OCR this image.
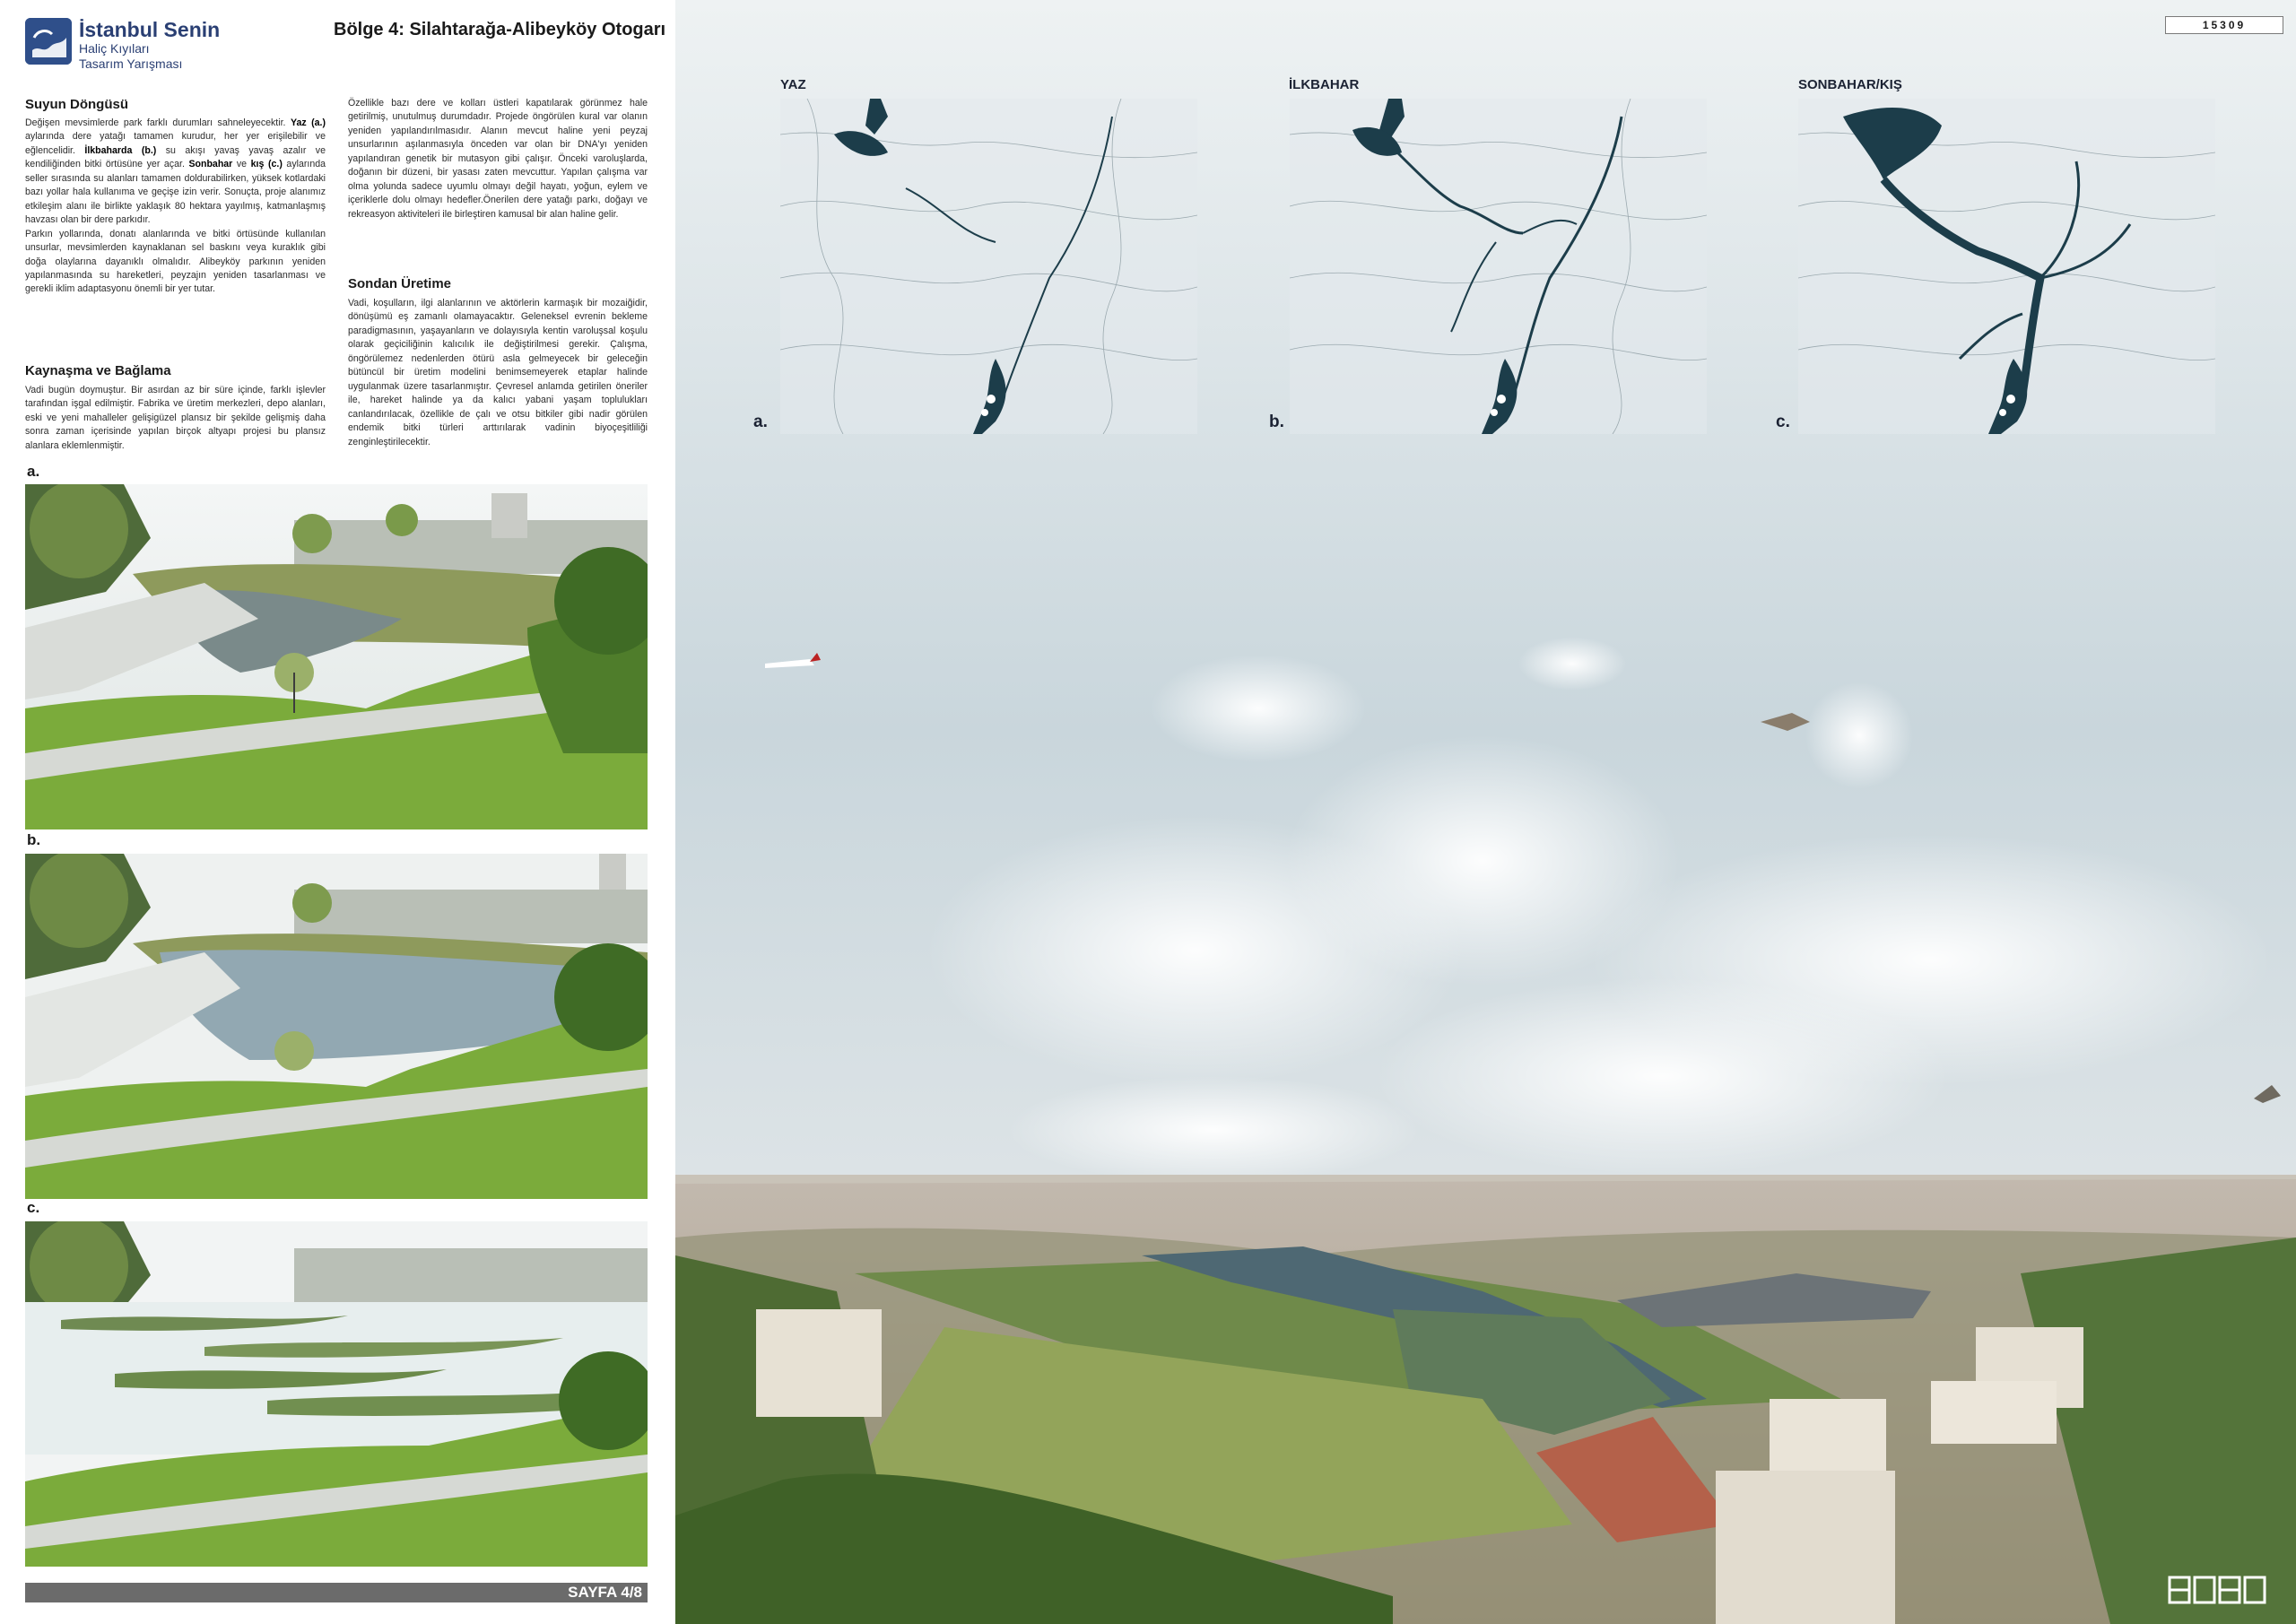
İstanbul Senin
Haliç Kıyıları
Tasarım Yarışması
Bölge 4: Silahtarağa-Alibeyköy Otogarı
Suyun Döngüsü
Değişen mevsimlerde park farklı durumları sahneleyecektir. Yaz (a.) aylarında dere yatağı tamamen kurudur, her yer erişilebilir ve eğlencelidir. İlkbaharda (b.) su akışı yavaş yavaş azalır ve kendiliğinden bitki örtüsüne yer açar. Sonbahar ve kış (c.) aylarında seller sırasında su alanları tamamen doldurabilirken, yüksek kotlardaki bazı yollar hala kullanıma ve geçişe izin verir. Sonuçta, proje alanımız etkileşim alanı ile birlikte yaklaşık 80 hektara yayılmış, katmanlaşmış havzası olan bir dere parkıdır.
Parkın yollarında, donatı alanlarında ve bitki örtüsünde kullanılan unsurlar, mevsimlerden kaynaklanan sel baskını veya kuraklık gibi doğa olaylarına dayanıklı olmalıdır. Alibeyköy parkının yeniden yapılanmasında su hareketleri, peyzajın yeniden tasarlanması ve gerekli iklim adaptasyonu önemli bir yer tutar.
Kaynaşma ve Bağlama
Vadi bugün doymuştur. Bir asırdan az bir süre içinde, farklı işlevler tarafından işgal edilmiştir. Fabrika ve üretim merkezleri, depo alanları, eski ve yeni mahalleler gelişigüzel plansız bir şekilde gelişmiş daha sonra zaman içerisinde yapılan birçok altyapı projesi bu plansız alanlara eklemlenmiştir.
Özellikle bazı dere ve kolları üstleri kapatılarak görünmez hale getirilmiş, unutulmuş durumdadır. Projede öngörülen kural var olanın yeniden yapılandırılmasıdır. Alanın mevcut haline yeni peyzaj unsurlarının aşılanmasıyla önceden var olan bir DNA'yı yeniden yapılandıran genetik bir mutasyon gibi çalışır. Önceki varoluşlarda, doğanın bir düzeni, bir yasası zaten mevcuttur. Yapılan çalışma var olma yolunda sadece uyumlu olmayı değil hayatı, yoğun, eylem ve içeriklerle dolu olmayı hedefler.Önerilen dere yatağı parkı, doğayı ve rekreasyon aktiviteleri ile birleştiren kamusal bir alan haline gelir.
Sondan Üretime
Vadi, koşulların, ilgi alanlarının ve aktörlerin karmaşık bir mozaiğidir, dönüşümü eş zamanlı olamayacaktır. Geleneksel evrenin bekleme paradigmasının, yaşayanların ve dolayısıyla kentin varoluşsal koşulu olarak geçiciliğinin kalıcılık ile değiştirilmesi gerekir. Çalışma, öngörülemez nedenlerden ötürü asla gelmeyecek bir geleceğin bütüncül bir üretim modelini benimsemeyerek etaplar halinde uygulanmak üzere tasarlanmıştır. Çevresel anlamda getirilen öneriler ile, hareket halinde ya da kalıcı yabani yaşam toplulukları canlandırılacak, özellikle de çalı ve otsu bitkiler gibi nadir görülen endemik bitki türleri arttırılarak vadinin biyoçeşitliliği zenginleştirilecektir.
a.
b.
c.
SAYFA 4/8
15309
YAZ	İLKBAHAR	SONBAHAR/KIŞ
a.	b.	c.
